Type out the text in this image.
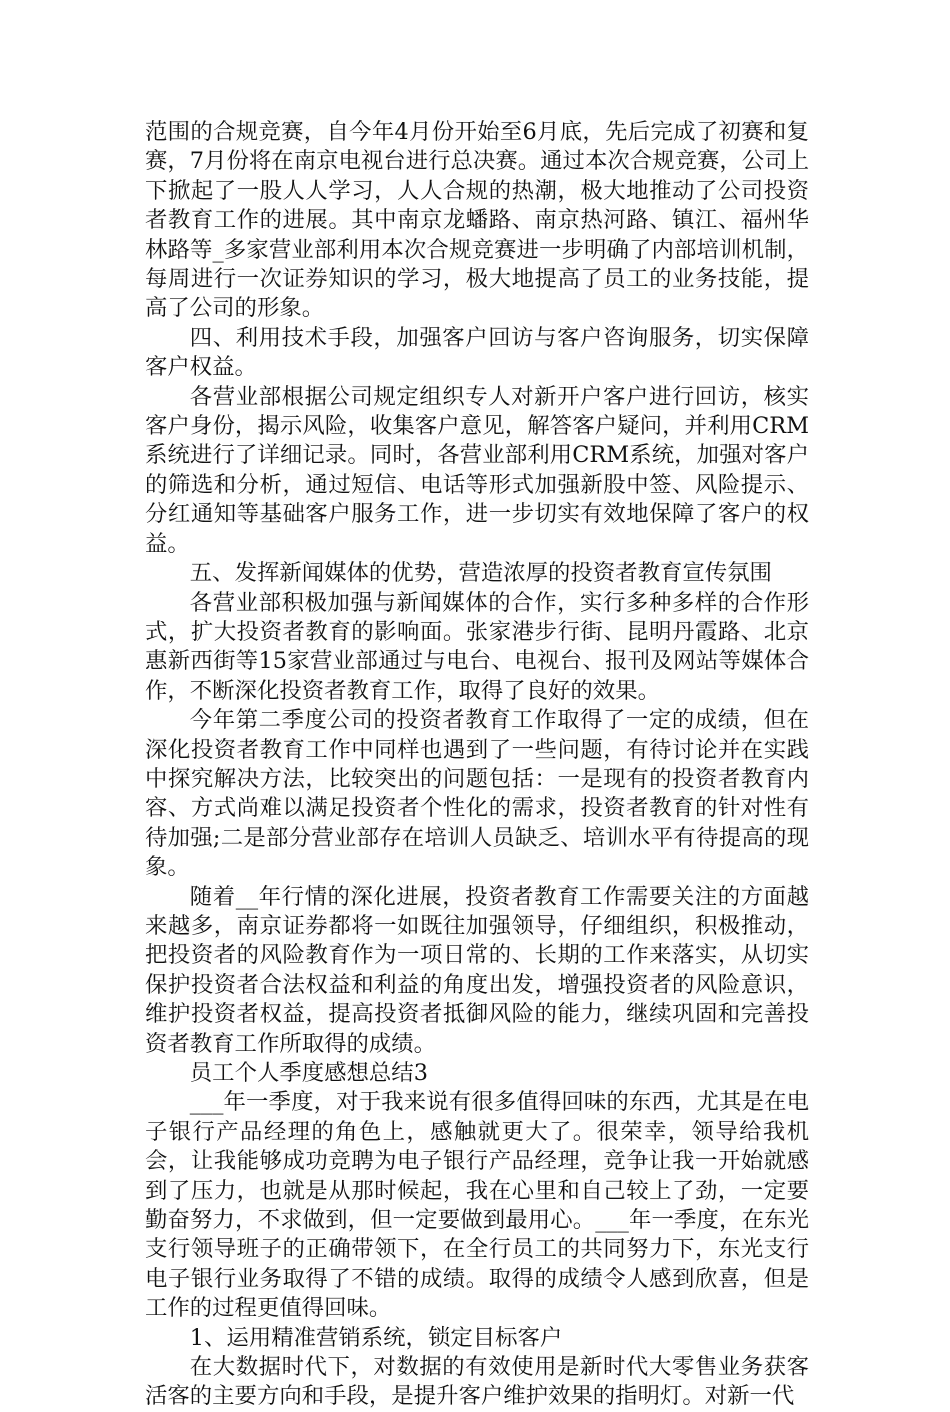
范围的合规竞赛，自今年4月份开始至6月底，先后完成了初赛和复赛，7月份将在南京电视台进行总决赛。通过本次合规竞赛，公司上下掀起了一股人人学习，人人合规的热潮，极大地推动了公司投资者教育工作的进展。其中南京龙蟠路、南京热河路、镇江、福州华林路等_多家营业部利用本次合规竞赛进一步明确了内部培训机制，每周进行一次证券知识的学习，极大地提高了员工的业务技能，提高了公司的形象。

四、利用技术手段，加强客户回访与客户咨询服务，切实保障客户权益。

各营业部根据公司规定组织专人对新开户客户进行回访，核实客户身份，揭示风险，收集客户意见，解答客户疑问，并利用CRM系统进行了详细记录。同时，各营业部利用CRM系统，加强对客户的筛选和分析，通过短信、电话等形式加强新股中签、风险提示、分红通知等基础客户服务工作，进一步切实有效地保障了客户的权益。

五、发挥新闻媒体的优势，营造浓厚的投资者教育宣传氛围

各营业部积极加强与新闻媒体的合作，实行多种多样的合作形式，扩大投资者教育的影响面。张家港步行街、昆明丹霞路、北京惠新西街等15家营业部通过与电台、电视台、报刊及网站等媒体合作，不断深化投资者教育工作，取得了良好的效果。

今年第二季度公司的投资者教育工作取得了一定的成绩，但在深化投资者教育工作中同样也遇到了一些问题，有待讨论并在实践中探究解决方法，比较突出的问题包括：一是现有的投资者教育内容、方式尚难以满足投资者个性化的需求，投资者教育的针对性有待加强;二是部分营业部存在培训人员缺乏、培训水平有待提高的现象。

随着__年行情的深化进展，投资者教育工作需要关注的方面越来越多，南京证券都将一如既往加强领导，仔细组织，积极推动，把投资者的风险教育作为一项日常的、长期的工作来落实，从切实保护投资者合法权益和利益的角度出发，增强投资者的风险意识，维护投资者权益，提高投资者抵御风险的能力，继续巩固和完善投资者教育工作所取得的成绩。

员工个人季度感想总结3

___年一季度，对于我来说有很多值得回味的东西，尤其是在电子银行产品经理的角色上，感触就更大了。很荣幸，领导给我机会，让我能够成功竞聘为电子银行产品经理，竞争让我一开始就感到了压力，也就是从那时候起，我在心里和自己较上了劲，一定要勤奋努力，不求做到，但一定要做到最用心。___年一季度，在东光支行领导班子的正确带领下，在全行员工的共同努力下，东光支行电子银行业务取得了不错的成绩。取得的成绩令人感到欣喜，但是工作的过程更值得回味。

1、运用精准营销系统，锁定目标客户

在大数据时代下，对数据的有效使用是新时代大零售业务获客活客的主要方向和手段，是提升客户维护效果的指明灯。对新一代
